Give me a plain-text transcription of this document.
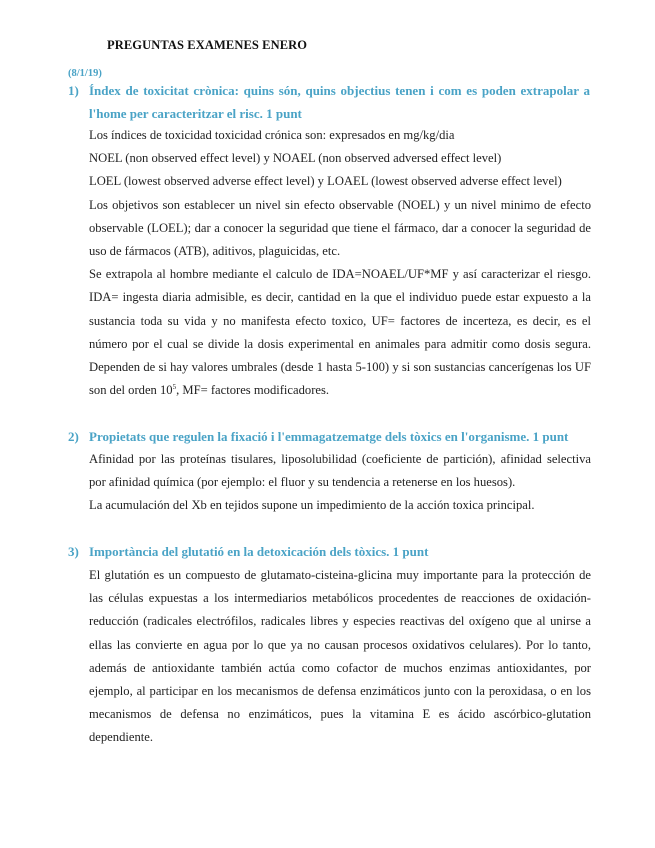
PREGUNTAS EXAMENES ENERO
(8/1/19)
1) Índex de toxicitat crònica: quins són, quins objectius tenen i com es poden extrapolar a l'home per caracteritzar el risc. 1 punt

Los índices de toxicidad toxicidad crónica son: expresados en mg/kg/dia

NOEL (non observed effect level) y NOAEL (non observed adversed effect level)

LOEL (lowest observed adverse effect level) y LOAEL (lowest observed adverse effect level)

Los objetivos son establecer un nivel sin efecto observable (NOEL) y un nivel minimo de efecto observable (LOEL); dar a conocer la seguridad que tiene el fármaco, dar a conocer la seguridad de uso de fármacos (ATB), aditivos, plaguicidas, etc.

Se extrapola al hombre mediante el calculo de IDA=NOAEL/UF*MF y así caracterizar el riesgo. IDA= ingesta diaria admisible, es decir, cantidad en la que el individuo puede estar expuesto a la sustancia toda su vida y no manifesta efecto toxico, UF= factores de incerteza, es decir, es el número por el cual se divide la dosis experimental en animales para admitir como dosis segura. Dependen de si hay valores umbrales (desde 1 hasta 5-100) y si son sustancias cancerígenas los UF son del orden $10^5$, MF= factores modificadores.

2) Propietats que regulen la fixació i l'emmagatzematge dels tòxics en l'organisme. 1 punt

Afinidad por las proteínas tisulares, liposolubilidad (coeficiente de partición), afinidad selectiva por afinidad química (por ejemplo: el fluor y su tendencia a retenerse en los huesos).

La acumulación del Xb en tejidos supone un impedimiento de la acción toxica principal.

3) Importància del glutatió en la detoxicación dels tòxics. 1 punt

El glutatión es un compuesto de glutamato-cisteina-glicina muy importante para la protección de las células expuestas a los intermediarios metabólicos procedentes de reacciones de oxidación-reducción (radicales electrófilos, radicales libres y especies reactivas del oxígeno que al unirse a ellas las convierte en agua por lo que ya no causan procesos oxidativos celulares). Por lo tanto, además de antioxidante también actúa como cofactor de muchos enzimas antioxidantes, por ejemplo, al participar en los mecanismos de defensa enzimáticos junto con la peroxidasa, o en los mecanismos de defensa no enzimáticos, pues la vitamina E es ácido ascórbico-glutation dependiente.
